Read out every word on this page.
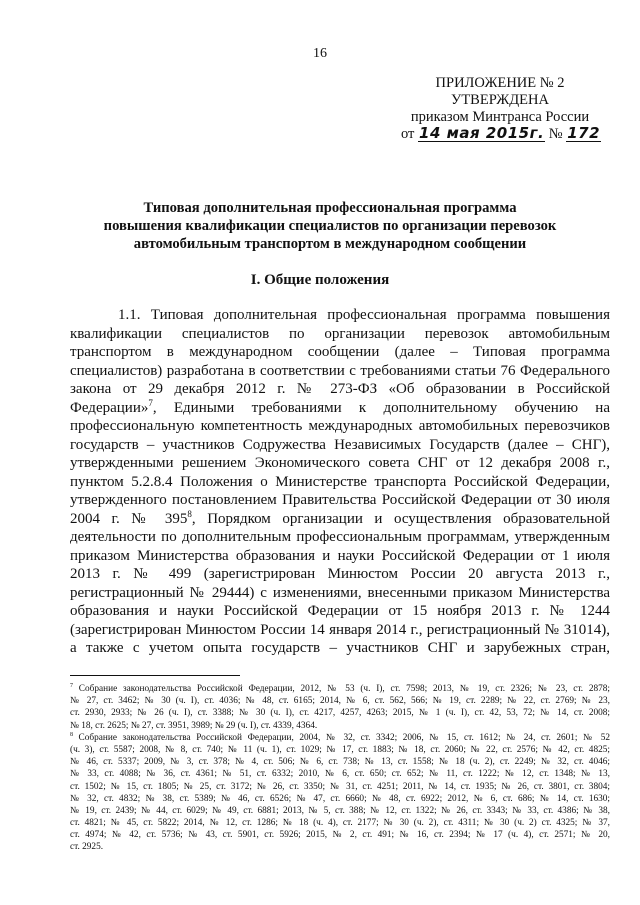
16
ПРИЛОЖЕНИЕ № 2
УТВЕРЖДЕНА
приказом Минтранса России
от 14 мая 2015г. № 172
Типовая дополнительная профессиональная программа
повышения квалификации специалистов по организации перевозок
автомобильным транспортом в международном сообщении
I. Общие положения
1.1. Типовая дополнительная профессиональная программа повышения
квалификации специалистов по организации перевозок автомобильным
транспортом в международном сообщении (далее – Типовая программа
специалистов) разработана в соответствии с требованиями статьи 76 Федерального
закона от 29 декабря 2012 г. № 273-ФЗ «Об образовании в Российской
Федерации»$^7$, Едиными требованиями к дополнительному обучению на
профессиональную компетентность международных автомобильных перевозчиков
государств – участников Содружества Независимых Государств (далее – СНГ),
утвержденными решением Экономического совета СНГ от 12 декабря 2008 г.,
пунктом 5.2.8.4 Положения о Министерстве транспорта Российской Федерации,
утвержденного постановлением Правительства Российской Федерации от 30 июля
2004 г. № $395^8$, Порядком организации и осуществления образовательной
деятельности по дополнительным профессиональным программам, утвержденным
приказом Министерства образования и науки Российской Федерации от 1 июля
2013 г. № 499 (зарегистрирован Минюстом России 20 августа 2013 г.,
регистрационный № 29444) с изменениями, внесенными приказом Министерства
образования и науки Российской Федерации от 15 ноября 2013 г. № 1244
(зарегистрирован Минюстом России 14 января 2014 г., регистрационный № 31014),
а также с учетом опыта государств – участников СНГ и зарубежных стран,
$^7$ Собрание законодательства Российской Федерации, 2012, № 53 (ч. I), ст. 7598; 2013, № 19, ст. 2326; № 23, ст. 2878;
№ 27, ст. 3462; № 30 (ч. I), ст. 4036; № 48, ст. 6165; 2014, № 6, ст. 562, 566; № 19, ст. 2289; № 22, ст. 2769; № 23,
ст. 2930, 2933; № 26 (ч. I), ст. 3388; № 30 (ч. I), ст. 4217, 4257, 4263; 2015, № 1 (ч. I), ст. 42, 53, 72; № 14, ст. 2008;
№ 18, ст. 2625; № 27, ст. 3951, 3989; № 29 (ч. I), ст. 4339, 4364.
$^8$ Собрание законодательства Российской Федерации, 2004, № 32, ст. 3342; 2006, № 15, ст. 1612; № 24, ст. 2601; № 52
(ч. 3), ст. 5587; 2008, № 8, ст. 740; № 11 (ч. 1), ст. 1029; № 17, ст. 1883; № 18, ст. 2060; № 22, ст. 2576; № 42, ст. 4825;
№ 46, ст. 5337; 2009, № 3, ст. 378; № 4, ст. 506; № 6, ст. 738; № 13, ст. 1558; № 18 (ч. 2), ст. 2249; № 32, ст. 4046;
№ 33, ст. 4088; № 36, ст. 4361; № 51, ст. 6332; 2010, № 6, ст. 650; ст. 652; № 11, ст. 1222; № 12, ст. 1348; № 13,
ст. 1502; № 15, ст. 1805; № 25, ст. 3172; № 26, ст. 3350; № 31, ст. 4251; 2011, № 14, ст. 1935; № 26, ст. 3801, ст. 3804;
№ 32, ст. 4832; № 38, ст. 5389; № 46, ст. 6526; № 47, ст. 6660; № 48, ст. 6922; 2012, № 6, ст. 686; № 14, ст. 1630;
№ 19, ст. 2439; № 44, ст. 6029; № 49, ст. 6881; 2013, № 5, ст. 388; № 12, ст. 1322; № 26, ст. 3343; № 33, ст. 4386; № 38,
ст. 4821; № 45, ст. 5822; 2014, № 12, ст. 1286; № 18 (ч. 4), ст. 2177; № 30 (ч. 2), ст. 4311; № 30 (ч. 2) ст. 4325; № 37,
ст. 4974; № 42, ст. 5736; № 43, ст. 5901, ст. 5926; 2015, № 2, ст. 491; № 16, ст. 2394; № 17 (ч. 4), ст. 2571; № 20,
ст. 2925.
